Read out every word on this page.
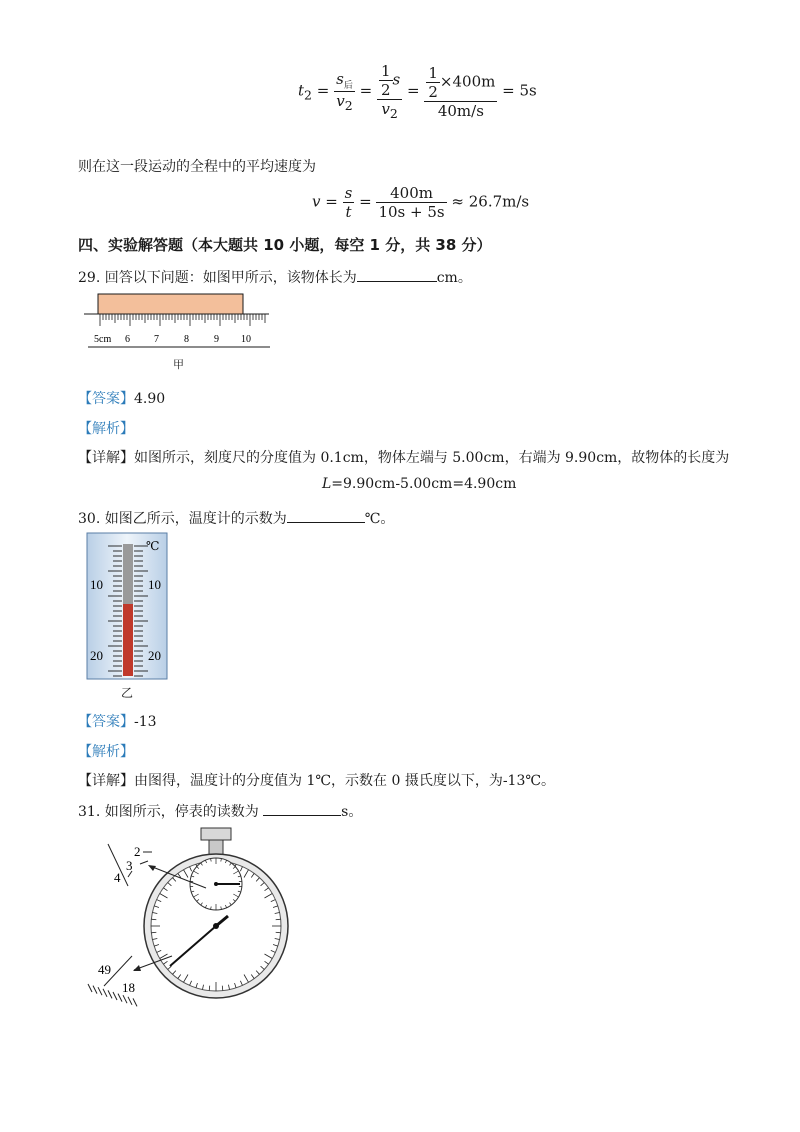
$t_2 = \frac{s_后}{v_2} = \frac{\frac{1}{2} s}{v_2} = \frac{\frac{1}{2} \times 400m}{40m/s} = 5s$
则在这一段运动的全程中的平均速度为
$v = \frac{s}{t} = \frac{400m}{10s + 5s} \approx 26.7m/s$
四、实验解答题（本大题共 10 小题，每空 1 分，共 38 分）
29. 回答以下问题：如图甲所示，该物体长为	cm。
5cm 6 7	8	9 10
甲
【答案】4.90
【解析】
【详解】如图所示，刻度尺的分度值为 0.1cm，物体左端与 5.00cm，右端为 9.90cm，故物体的长度为
L=9.90cm-5.00cm=4.90cm
30. 如图乙所示，温度计的示数为	℃。
℃
10	10
20	20
乙
【答案】-13
【解析】
【详解】由图得，温度计的分度值为 1℃，示数在 0 摄氏度以下，为-13℃。
31. 如图所示，停表的读数为	s。
2
3
4
49
18
